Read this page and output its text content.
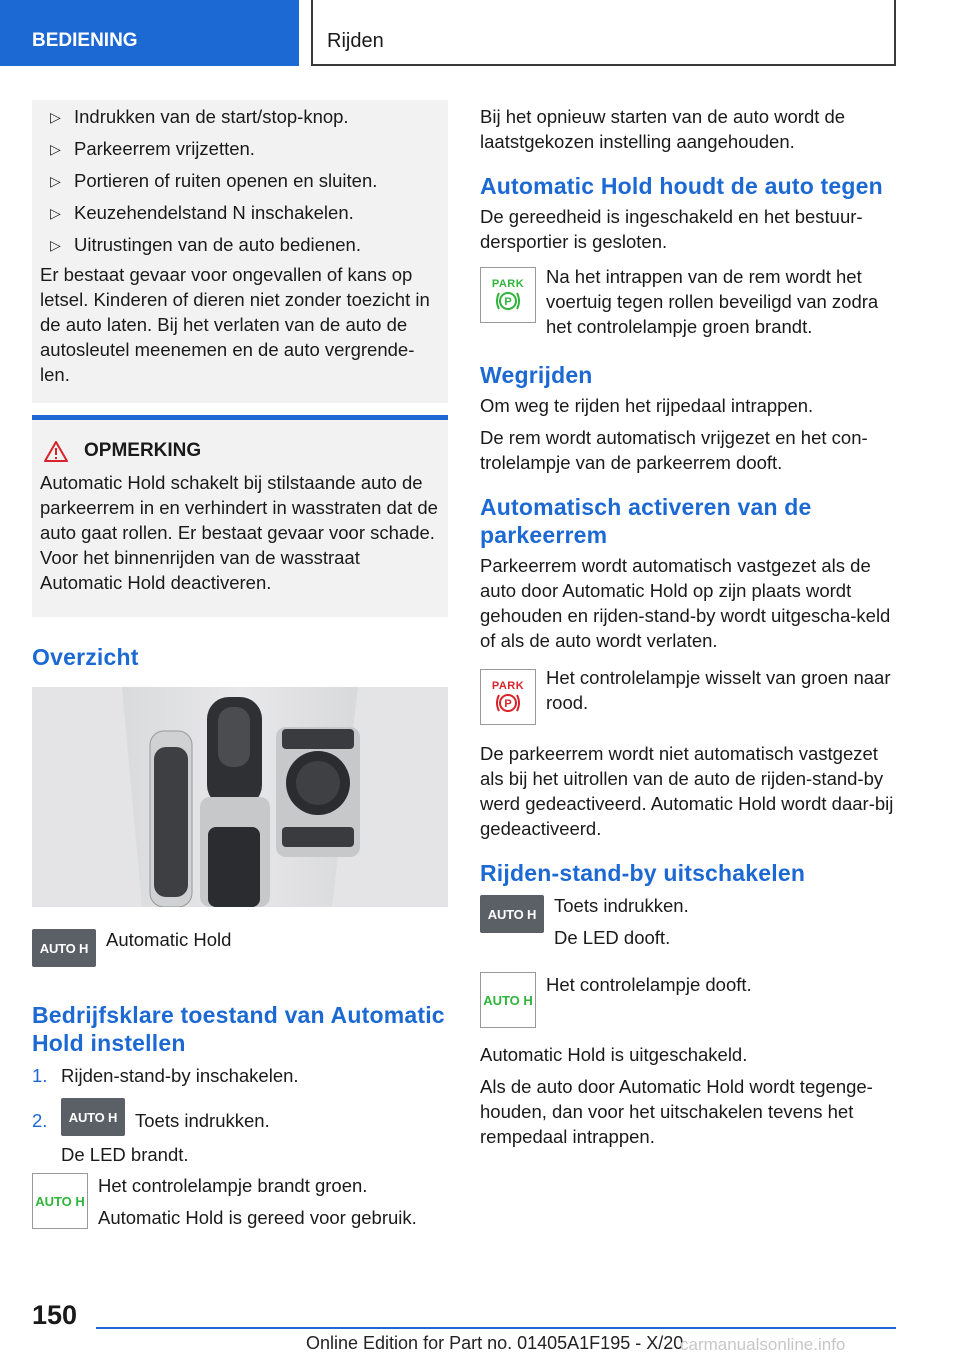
BEDIENING	Rijden
▷ Indrukken van de start/stop-knop.
▷ Parkeerrem vrijzetten.
▷ Portieren of ruiten openen en sluiten.
▷ Keuzehendelstand N inschakelen.
▷ Uitrustingen van de auto bedienen.
Er bestaat gevaar voor ongevallen of kans op letsel. Kinderen of dieren niet zonder toezicht in de auto laten. Bij het verlaten van de auto de autosleutel meenemen en de auto vergrende-len.
OPMERKING
Automatic Hold schakelt bij stilstaande auto de parkeerrem in en verhindert in wasstraten dat de auto gaat rollen. Er bestaat gevaar voor schade. Voor het binnenrijden van de wasstraat Automatic Hold deactiveren.
Overzicht
AUTO H Automatic Hold
Bedrijfsklare toestand van Automatic Hold instellen
1. Rijden-stand-by inschakelen.
2.	AUTO H Toets indrukken.
De LED brandt.
AUTO H
Het controlelampje brandt groen.
Automatic Hold is gereed voor gebruik.
Bij het opnieuw starten van de auto wordt de laatstgekozen instelling aangehouden.
Automatic Hold houdt de auto tegen
De gereedheid is ingeschakeld en het bestuur-dersportier is gesloten.
PARK
P
Na het intrappen van de rem wordt het voertuig tegen rollen beveiligd van zodra het controlelampje groen brandt.
Wegrijden
Om weg te rijden het rijpedaal intrappen.
De rem wordt automatisch vrijgezet en het con-trolelampje van de parkeerrem dooft.
Automatisch activeren van de parkeerrem
Parkeerrem wordt automatisch vastgezet als de auto door Automatic Hold op zijn plaats wordt gehouden en rijden-stand-by wordt uitgescha-keld of als de auto wordt verlaten.
PARK
P
Het controlelampje wisselt van groen naar rood.
De parkeerrem wordt niet automatisch vastgezet als bij het uitrollen van de auto de rijden-stand-by werd gedeactiveerd. Automatic Hold wordt daar-bij gedeactiveerd.
Rijden-stand-by uitschakelen
AUTO H Toets indrukken.
De LED dooft.
AUTO H
Het controlelampje dooft.
Automatic Hold is uitgeschakeld.
Als de auto door Automatic Hold wordt tegenge-houden, dan voor het uitschakelen tevens het rempedaal intrappen.
150
Online Edition for Part no. 01405A1F195 - X/20
carmanualsonline.info
